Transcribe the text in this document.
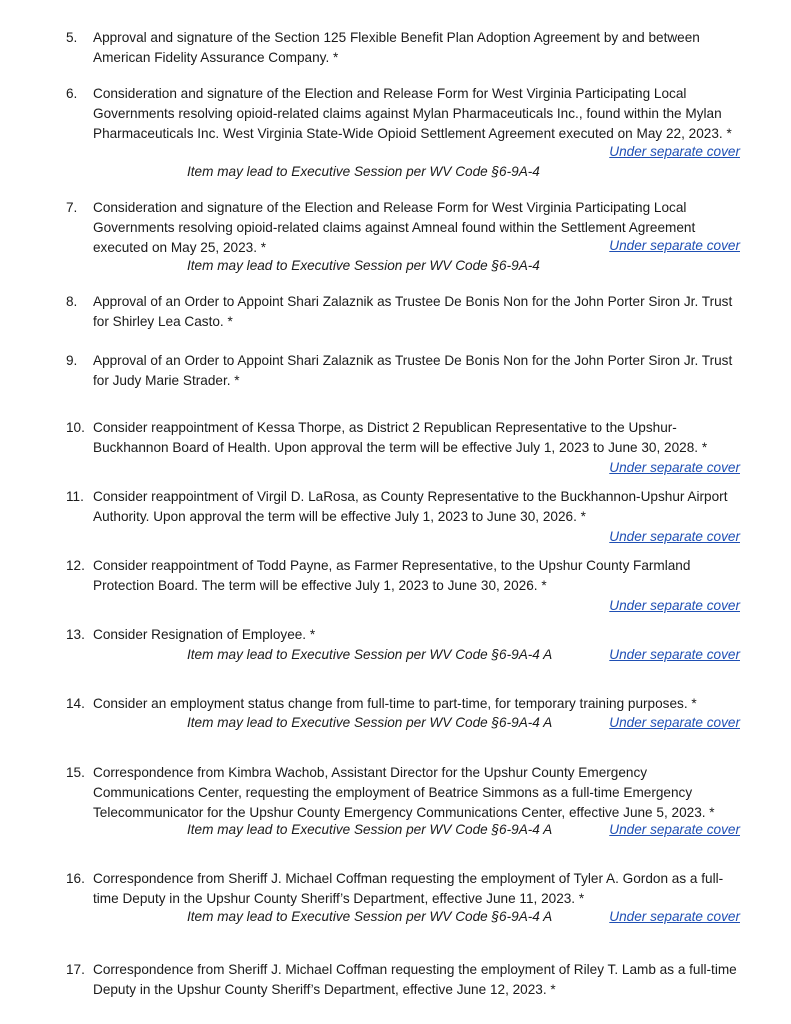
5.	Approval and signature of the Section 125 Flexible Benefit Plan Adoption Agreement by and between American Fidelity Assurance Company. *
6.	Consideration and signature of the Election and Release Form for West Virginia Participating Local Governments resolving opioid-related claims against Mylan Pharmaceuticals Inc., found within the Mylan Pharmaceuticals Inc. West Virginia State-Wide Opioid Settlement Agreement executed on May 22, 2023. *
Under separate cover
Item may lead to Executive Session per WV Code §6-9A-4
7.	Consideration and signature of the Election and Release Form for West Virginia Participating Local Governments resolving opioid-related claims against Amneal found within the Settlement Agreement executed on May 25, 2023. *	Under separate cover
Item may lead to Executive Session per WV Code §6-9A-4
8.	Approval of an Order to Appoint Shari Zalaznik as Trustee De Bonis Non for the John Porter Siron Jr. Trust for Shirley Lea Casto. *
9.	Approval of an Order to Appoint Shari Zalaznik as Trustee De Bonis Non for the John Porter Siron Jr. Trust for Judy Marie Strader. *
10. Consider reappointment of Kessa Thorpe, as District 2 Republican Representative to the Upshur-Buckhannon Board of Health. Upon approval the term will be effective July 1, 2023 to June 30, 2028. *
Under separate cover
11. Consider reappointment of Virgil D. LaRosa, as County Representative to the Buckhannon-Upshur Airport Authority. Upon approval the term will be effective July 1, 2023 to June 30, 2026. *
Under separate cover
12. Consider reappointment of Todd Payne, as Farmer Representative, to the Upshur County Farmland Protection Board. The term will be effective July 1, 2023 to June 30, 2026. *
Under separate cover
13. Consider Resignation of Employee. *
Item may lead to Executive Session per WV Code §6-9A-4 A	Under separate cover
14. Consider an employment status change from full-time to part-time, for temporary training purposes. *
Item may lead to Executive Session per WV Code §6-9A-4 A	Under separate cover
15. Correspondence from Kimbra Wachob, Assistant Director for the Upshur County Emergency Communications Center, requesting the employment of Beatrice Simmons as a full-time Emergency Telecommunicator for the Upshur County Emergency Communications Center, effective June 5, 2023. *
Item may lead to Executive Session per WV Code §6-9A-4 A	Under separate cover
16. Correspondence from Sheriff J. Michael Coffman requesting the employment of Tyler A. Gordon as a full-time Deputy in the Upshur County Sheriff’s Department, effective June 11, 2023. *
Item may lead to Executive Session per WV Code §6-9A-4 A	Under separate cover
17. Correspondence from Sheriff J. Michael Coffman requesting the employment of Riley T. Lamb as a full-time Deputy in the Upshur County Sheriff’s Department, effective June 12, 2023. *
